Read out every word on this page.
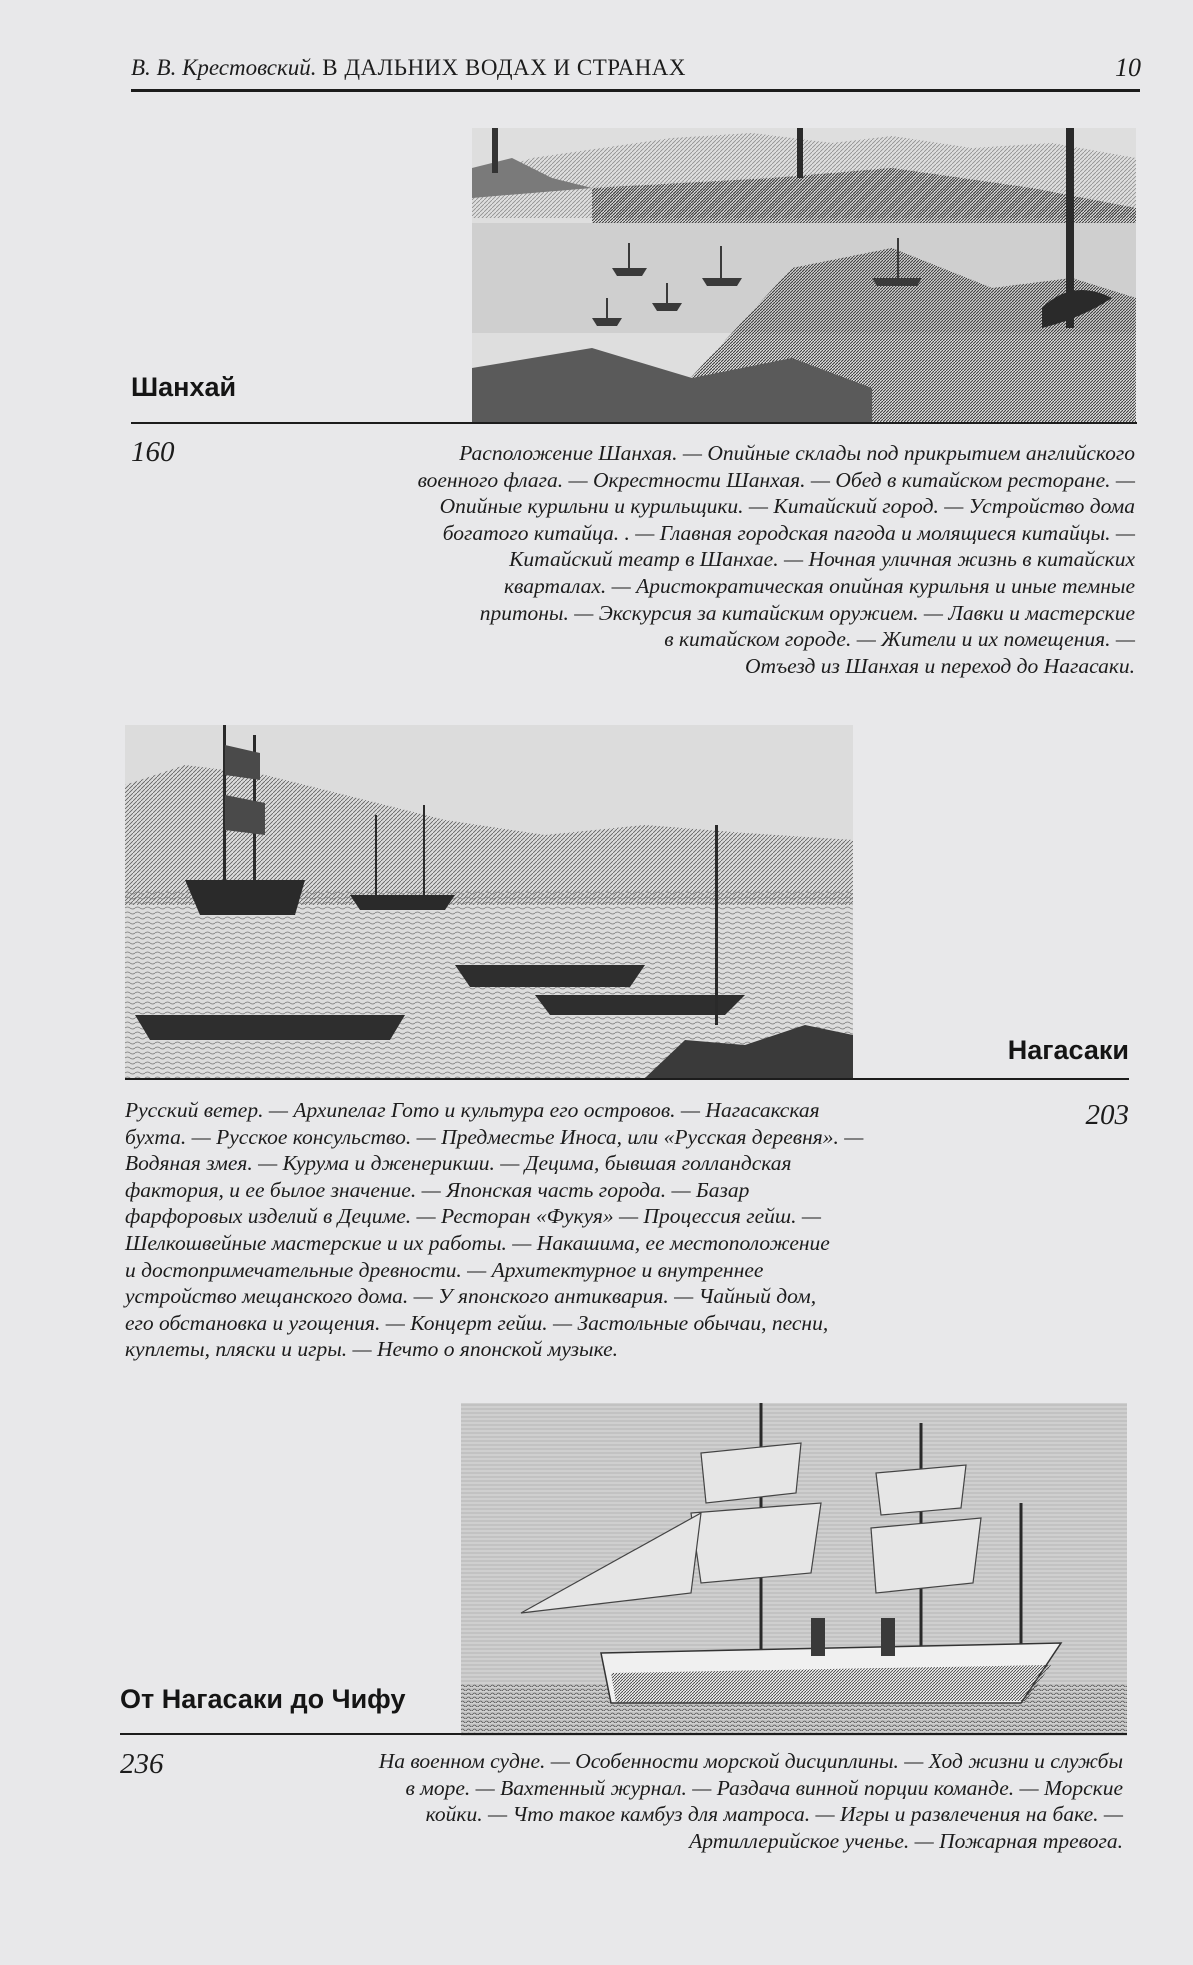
В. В. Крестовский. В ДАЛЬНИХ ВОДАХ И СТРАНАХ	10
Шанхай
160	Расположение Шанхая. — Опийные склады под прикрытием английского
военного флага. — Окрестности Шанхая. — Обед в китайском ресторане. —
Опийные курильни и курильщики. — Китайский город. — Устройство дома
богатого китайца. . — Главная городская пагода и молящиеся китайцы. —
Китайский театр в Шанхае. — Ночная уличная жизнь в китайских
кварталах. — Аристократическая опийная курильня и иные темные
притоны. — Экскурсия за китайским оружием. — Лавки и мастерские
в китайском городе. — Жители и их помещения. —
Отъезд из Шанхая и переход до Нагасаки.
Нагасаки
203
Русский ветер. — Архипелаг Гото и культура его островов. — Нагасакская
бухта. — Русское консульство. — Предместье Иноса, или «Русская деревня». —
Водяная змея. — Курума и дженерикши. — Децима, бывшая голландская
фактория, и ее былое значение. — Японская часть города. — Базар
фарфоровых изделий в Дециме. — Ресторан «Фукуя» — Процессия гейш. —
Шелкошвейные мастерские и их работы. — Накашима, ее местоположение
и достопримечательные древности. — Архитектурное и внутреннее
устройство мещанского дома. — У японского антиквария. — Чайный дом,
его обстановка и угощения. — Концерт гейш. — Застольные обычаи, песни,
куплеты, пляски и игры. — Нечто о японской музыке.
От Нагасаки до Чифу
236	На военном судне. — Особенности морской дисциплины. — Ход жизни и службы
в море. — Вахтенный журнал. — Раздача винной порции команде. — Морские
койки. — Что такое камбуз для матроса. — Игры и развлечения на баке. —
Артиллерийское ученье. — Пожарная тревога.
